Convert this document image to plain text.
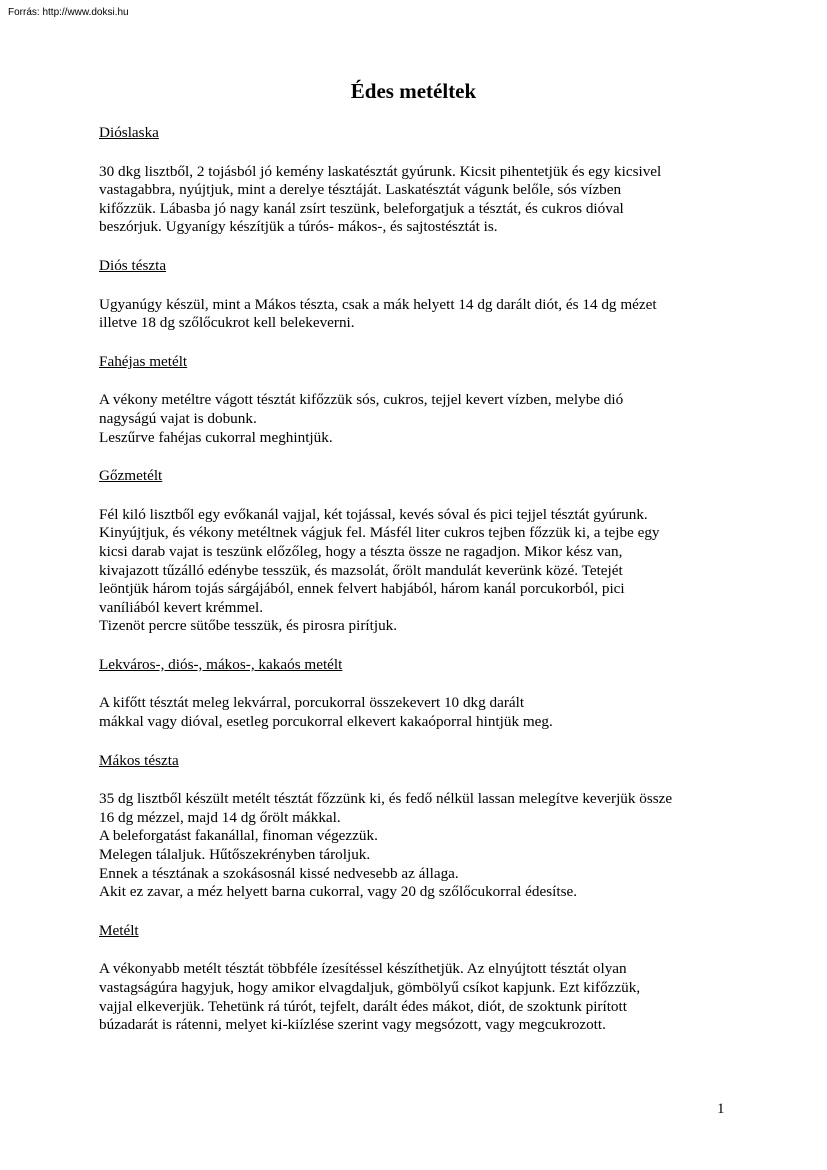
Forrás: http://www.doksi.hu
Édes metéltek
Dióslaska
30 dkg lisztből, 2 tojásból jó kemény laskatésztát gyúrunk. Kicsit pihentetjük és egy kicsivel
vastagabbra, nyújtjuk, mint a derelye tésztáját. Laskatésztát vágunk belőle, sós vízben
kifőzzük. Lábasba jó nagy kanál zsírt teszünk, beleforgatjuk a tésztát, és cukros dióval
beszórjuk. Ugyanígy készítjük a túrós- mákos-, és sajtostésztát is.
Diós tészta
Ugyanúgy készül, mint a Mákos tészta, csak a mák helyett 14 dg darált diót, és 14 dg mézet
illetve 18 dg szőlőcukrot kell belekeverni.
Fahéjas metélt
A vékony metéltre vágott tésztát kifőzzük sós, cukros, tejjel kevert vízben, melybe dió
nagyságú vajat is dobunk.
Leszűrve fahéjas cukorral meghintjük.
Gőzmetélt
Fél kiló lisztből egy evőkanál vajjal, két tojással, kevés sóval és pici tejjel tésztát gyúrunk.
Kinyújtjuk, és vékony metéltnek vágjuk fel. Másfél liter cukros tejben főzzük ki, a tejbe egy
kicsi darab vajat is teszünk előzőleg, hogy a tészta össze ne ragadjon. Mikor kész van,
kivajazott tűzálló edénybe tesszük, és mazsolát, őrölt mandulát keverünk közé. Tetejét
leöntjük három tojás sárgájából, ennek felvert habjából, három kanál porcukorból, pici
vaníliából kevert krémmel.
Tizenöt percre sütőbe tesszük, és pirosra pirítjuk.
Lekváros-, diós-, mákos-, kakaós metélt
A kifőtt tésztát meleg lekvárral, porcukorral összekevert 10 dkg darált
mákkal vagy dióval, esetleg porcukorral elkevert kakaóporral hintjük meg.
Mákos tészta
35 dg lisztből készült metélt tésztát főzzünk ki, és fedő nélkül lassan melegítve keverjük össze
16 dg mézzel, majd 14 dg őrölt mákkal.
A beleforgatást fakanállal, finoman végezzük.
Melegen tálaljuk. Hűtőszekrényben tároljuk.
Ennek a tésztának a szokásosnál kissé nedvesebb az állaga.
Akit ez zavar, a méz helyett barna cukorral, vagy 20 dg szőlőcukorral édesítse.
Metélt
A vékonyabb metélt tésztát többféle ízesítéssel készíthetjük. Az elnyújtott tésztát olyan
vastagságúra hagyjuk, hogy amikor elvagdaljuk, gömbölyű csíkot kapjunk. Ezt kifőzzük,
vajjal elkeverjük. Tehetünk rá túrót, tejfelt, darált édes mákot, diót, de szoktunk pirított
búzadarát is rátenni, melyet ki-kiízlése szerint vagy megsózott, vagy megcukrozott.
1
